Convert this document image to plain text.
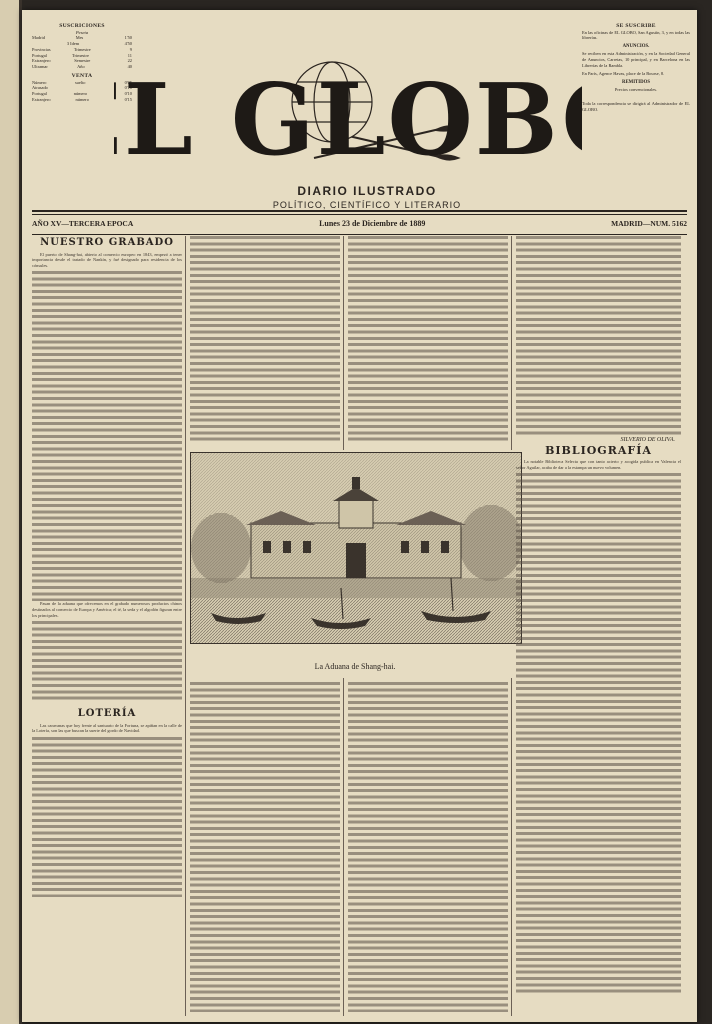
SUSCRICIONES
Peseta
Madrid	Mes	1'50
3 Idem	4'50
Provincias	Trimestre	9
Portugal	Trimestre	11
Extranjero	Semestre	22
Ultramar	Año	40
VENTA
Número	suelto	0'05
Atrasado	0'10
Portugal	número	0'10
Extranjero	número	0'15
SE SUSCRIBE

En las oficinas de EL GLOBO, San Agustín, 3, y en todas las librerías.

ANUNCIOS.

Se reciben en esta Administración, y en la Sociedad General de Anuncios, Carretas, 10 principal, y en Barcelona en las Librerías de la Rambla.

En París, Agence Havas, place de la Bourse, 8.

REMITIDOS

Precios convencionales.

Toda la correspondencia se dirigirá al Administrador de EL GLOBO.

L GLOB
DIARIO ILUSTRADO
POLÍTICO, CIENTÍFICO Y LITERARIO
AÑO XV—TERCERA EPOCA	Lunes 23 de Diciembre de 1889	MADRID—NUM. 5162
NUESTRO GRABADO

El puerto de Shang-hai, abierto al comercio europeo en 1843, empezó a tener importancia desde el tratado de Nankín, y fué designado para residencia de los cónsules.

Pasan de la aduana que ofrecemos en el grabado numerosos productos chinos destinados al comercio de Europa y América; el té, la seda y el algodón figuran entre los principales.

LOTERÍA

Las caravanas que hoy frente al santuario de la Fortuna, se apiñan en la calle de la Lotería, son las que buscan la suerte del gordo de Navidad.

La Aduana de Shang-hai.
SILVERIO DE OLIVA.
BIBLIOGRAFÍA

La notable Biblioteca Selecta que con tanto acierto y acogida publica en Valencia el señor Aguilar, acaba de dar a la estampa un nuevo volumen.
